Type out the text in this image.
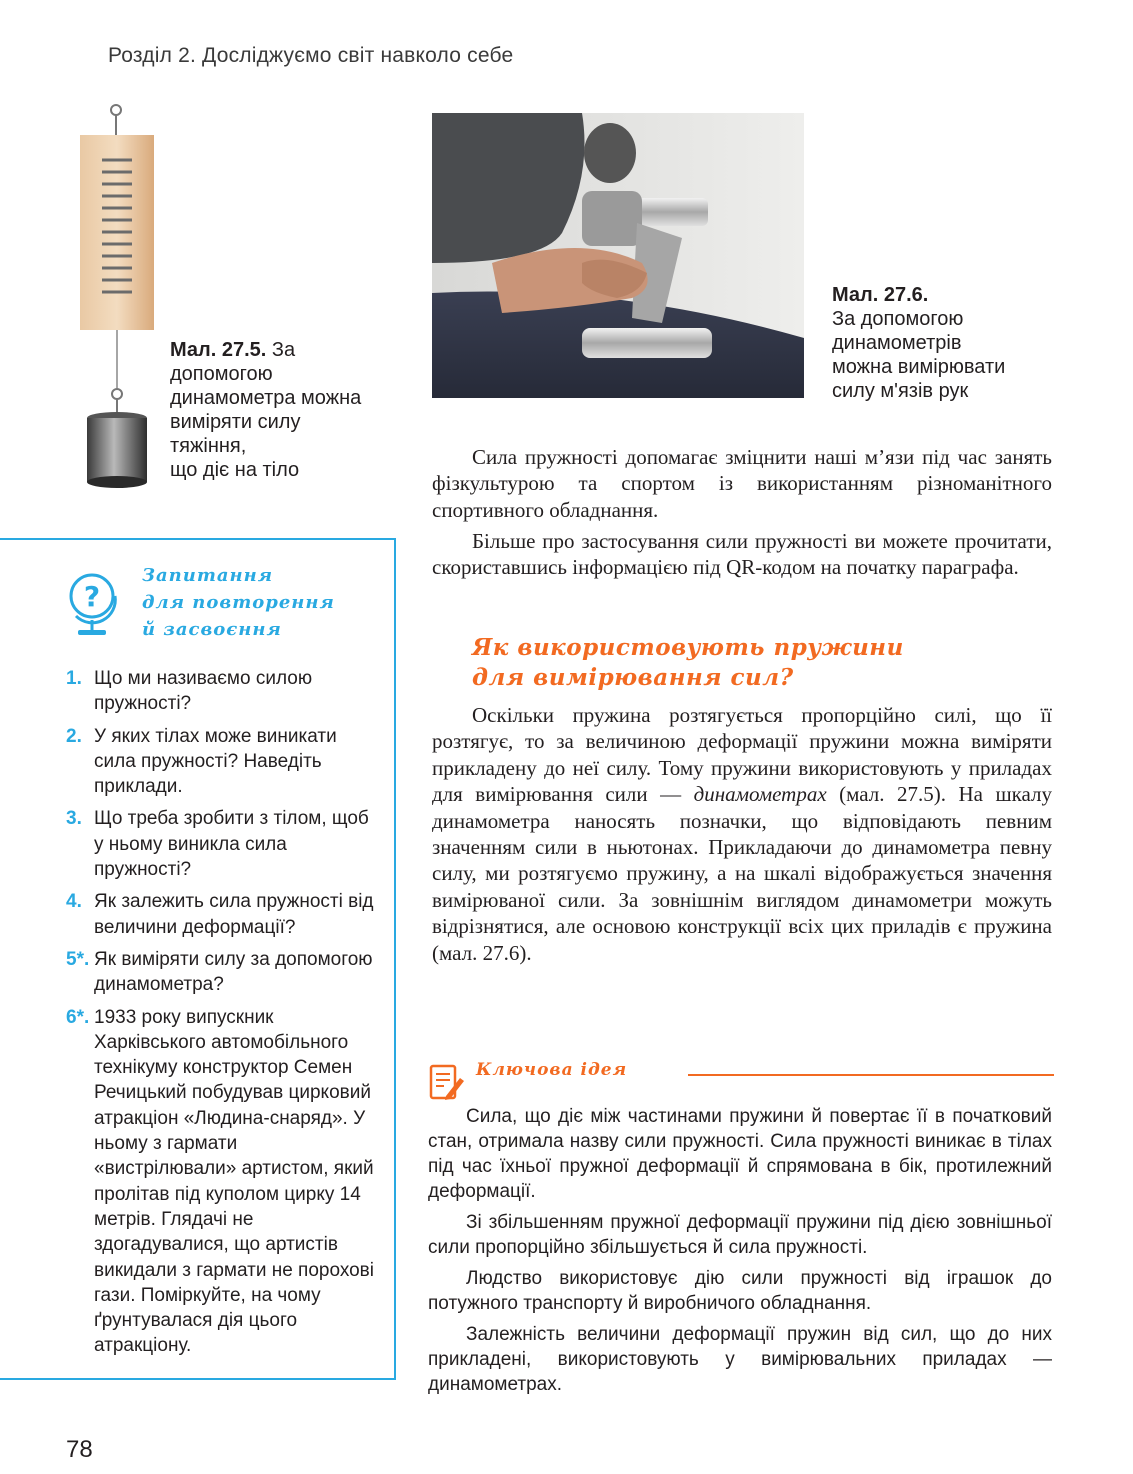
Розділ 2. Досліджуємо світ навколо себе
Мал. 27.5. За
допомогою
динамометра можна
виміряти силу
тяжіння,
що діє на тіло
Мал. 27.6.
За допомогою
динамометрів
можна вимірювати
силу м'язів рук

Сила пружності допомагає зміцнити наші м’язи під час занять фізкультурою та спортом із використанням різноманітного спортивного обладнання.

Більше про застосування сили пружності ви можете прочитати, скориставшись інформацією під QR-кодом на початку параграфа.

Як використовують пружини
для вимірювання сил?

Оскільки пружина розтягується пропорційно силі, що її розтягує, то за величиною деформації пружини можна виміряти прикладену до неї силу. Тому пружини використовують у приладах для вимірювання сили — динамометрах (мал. 27.5). На шкалу динамометра наносять позначки, що відповідають певним значенням сили в ньютонах. Прикладаючи до динамометра певну силу, ми розтягуємо пружину, а на шкалі відображується значення вимірюваної сили. За зовнішнім виглядом динамометри можуть відрізнятися, але основою конструкції всіх цих приладів є пружина (мал. 27.6).

?
Запитання
для повторення
й засвоєння
1. Що ми називаємо силою пружності?
2. У яких тілах може виникати сила пружності? Наведіть приклади.
3. Що треба зробити з тілом, щоб у ньому виникла сила пружності?
4. Як залежить сила пружності від величини деформації?
5*. Як виміряти силу за допомогою динамометра?
6*. 1933 року випускник Харківського автомобільного технікуму конструктор Семен Речицький побудував цирковий атракціон «Людина-снаряд». У ньому з гармати «вистрілювали» артистом, який пролітав під куполом цирку 14 метрів. Глядачі не здогадувалися, що артистів викидали з гармати не порохові гази. Поміркуйте, на чому ґрунтувалася дія цього атракціону.
Ключова ідея

Сила, що діє між частинами пружини й повертає її в початковий стан, отримала назву сили пружності. Сила пружності виникає в тілах під час їхньої пружної деформації й спрямована в бік, протилежний деформації.

Зі збільшенням пружної деформації пружини під дією зовнішньої сили пропорційно збільшується й сила пружності.

Людство використовує дію сили пружності від іграшок до потужного транспорту й виробничого обладнання.

Залежність величини деформації пружин від сил, що до них прикладені, використовують у вимірювальних приладах — динамометрах.

78
